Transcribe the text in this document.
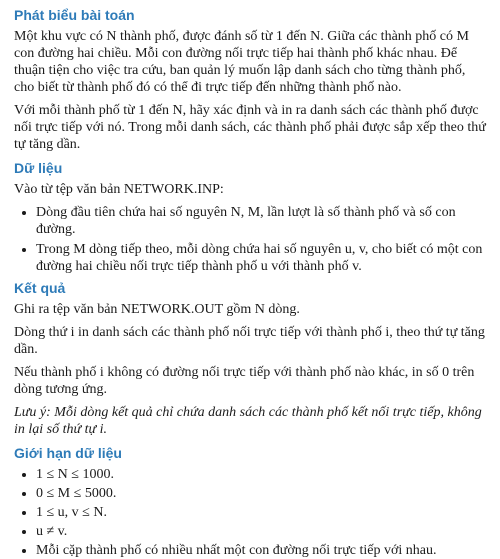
Phát biểu bài toán

Một khu vực có N thành phố, được đánh số từ 1 đến N. Giữa các thành phố có M con đường hai chiều. Mỗi con đường nối trực tiếp hai thành phố khác nhau. Để thuận tiện cho việc tra cứu, ban quản lý muốn lập danh sách cho từng thành phố, cho biết từ thành phố đó có thể đi trực tiếp đến những thành phố nào.

Với mỗi thành phố từ 1 đến N, hãy xác định và in ra danh sách các thành phố được nối trực tiếp với nó. Trong mỗi danh sách, các thành phố phải được sắp xếp theo thứ tự tăng dần.

Dữ liệu

Vào từ tệp văn bản NETWORK.INP:

• Dòng đầu tiên chứa hai số nguyên N, M, lần lượt là số thành phố và số con đường.
• Trong M dòng tiếp theo, mỗi dòng chứa hai số nguyên u, v, cho biết có một con đường hai chiều nối trực tiếp thành phố u với thành phố v.
Kết quả

Ghi ra tệp văn bản NETWORK.OUT gồm N dòng.

Dòng thứ i in danh sách các thành phố nối trực tiếp với thành phố i, theo thứ tự tăng dần.

Nếu thành phố i không có đường nối trực tiếp với thành phố nào khác, in số 0 trên dòng tương ứng.

Lưu ý: Mỗi dòng kết quả chỉ chứa danh sách các thành phố kết nối trực tiếp, không in lại số thứ tự i.

Giới hạn dữ liệu
• 1 ≤ N ≤ 1000.
• 0 ≤ M ≤ 5000.
• 1 ≤ u, v ≤ N.
• u ≠ v.
• Mỗi cặp thành phố có nhiều nhất một con đường nối trực tiếp với nhau.
